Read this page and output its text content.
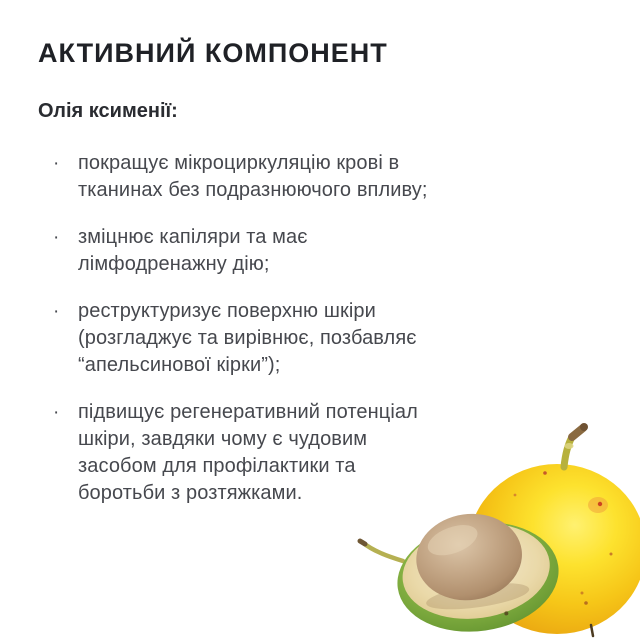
АКТИВНИЙ КОМПОНЕНТ
Олія ксименії:
· покращує мікроциркуляцію крові в
тканинах без подразнюючого впливу;
· зміцнює капіляри та має
лімфодренажну дію;
· реструктуризує поверхню шкіри
(розгладжує та вирівнює, позбавляє
“апельсинової кірки”);
· підвищує регенеративний потенціал
шкіри, завдяки чому є чудовим
засобом для профілактики та
боротьби з розтяжками.
